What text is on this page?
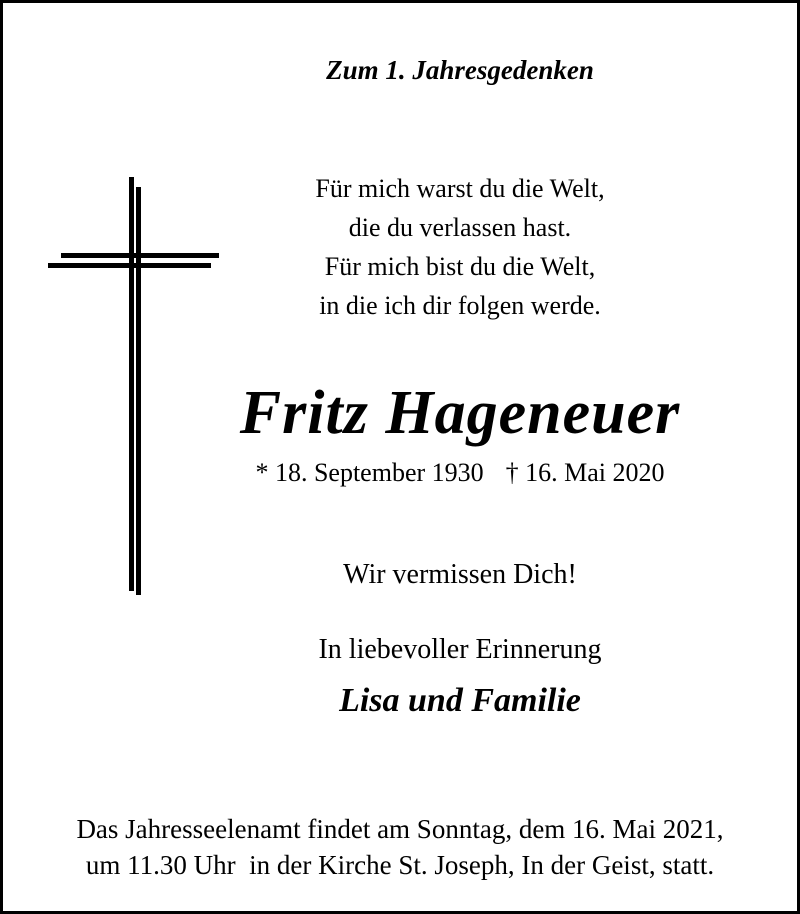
Zum 1. Jahresgedenken
Für mich warst du die Welt,
die du verlassen hast.
Für mich bist du die Welt,
in die ich dir folgen werde.
Fritz Hageneuer
* 18. September 1930 † 16. Mai 2020
Wir vermissen Dich!
In liebevoller Erinnerung
Lisa und Familie
Das Jahresseelenamt findet am Sonntag, dem 16. Mai 2021,
um 11.30 Uhr  in der Kirche St. Joseph, In der Geist, statt.
